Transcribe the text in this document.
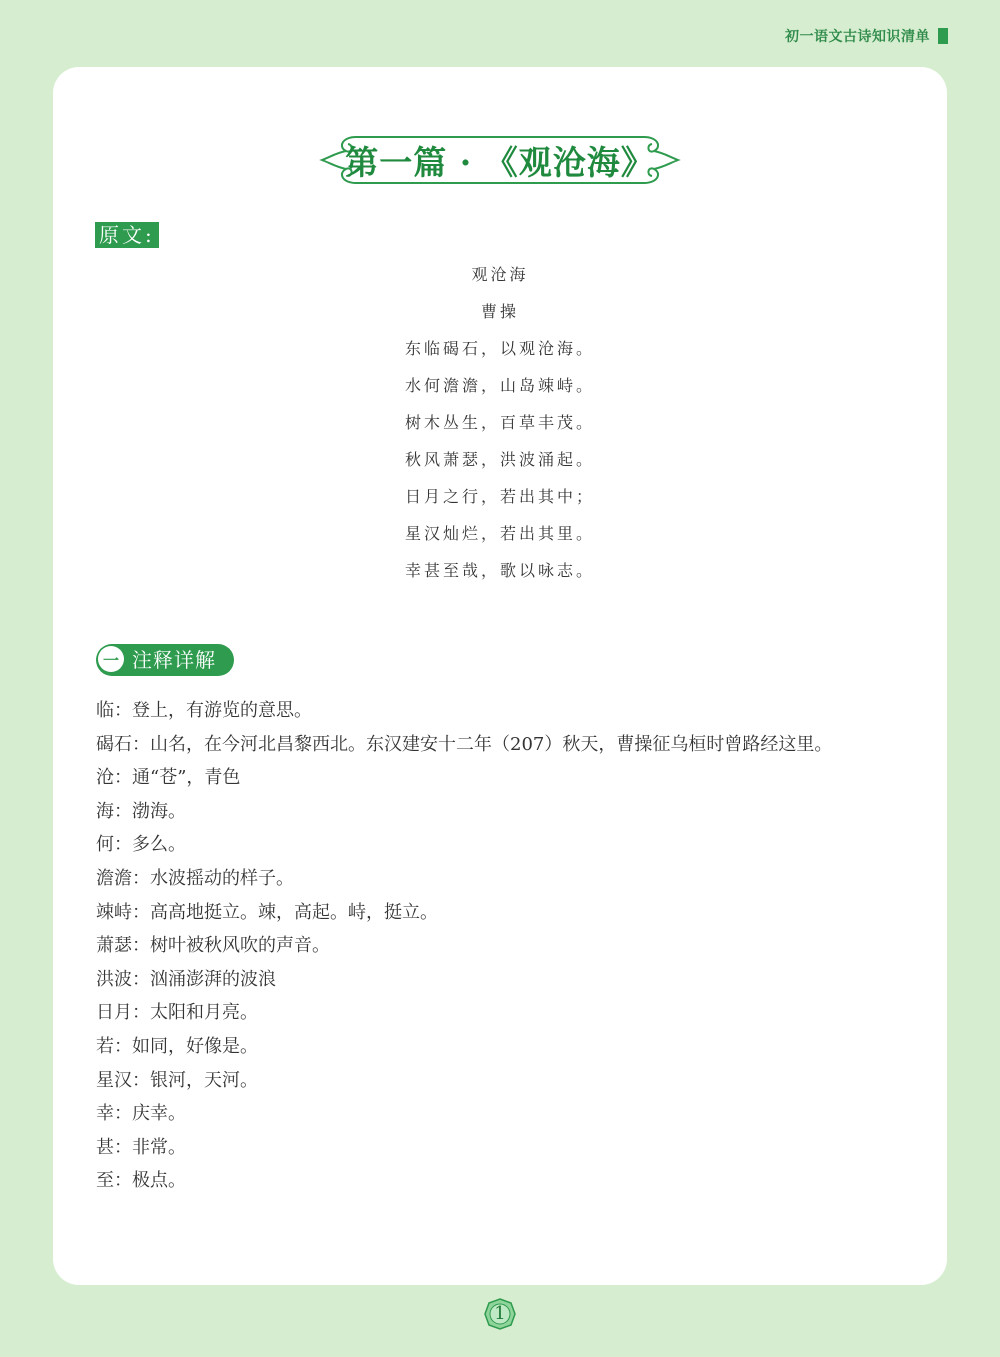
初一语文古诗知识清单
第一篇 · 《观沧海》
原文:
观沧海
曹操
东临碣石，以观沧海。
水何澹澹，山岛竦峙。
树木丛生，百草丰茂。
秋风萧瑟，洪波涌起。
日月之行，若出其中；
星汉灿烂，若出其里。
幸甚至哉，歌以咏志。
一 注释详解
临：登上，有游览的意思。
碣石：山名，在今河北昌黎西北。东汉建安十二年（207）秋天，曹操征乌桓时曾路经这里。
沧：通“苍”，青色
海：渤海。
何：多么。
澹澹：水波摇动的样子。
竦峙：高高地挺立。竦，高起。峙，挺立。
萧瑟：树叶被秋风吹的声音。
洪波：汹涌澎湃的波浪
日月：太阳和月亮。
若：如同，好像是。
星汉：银河，天河。
幸：庆幸。
甚：非常。
至：极点。
1
